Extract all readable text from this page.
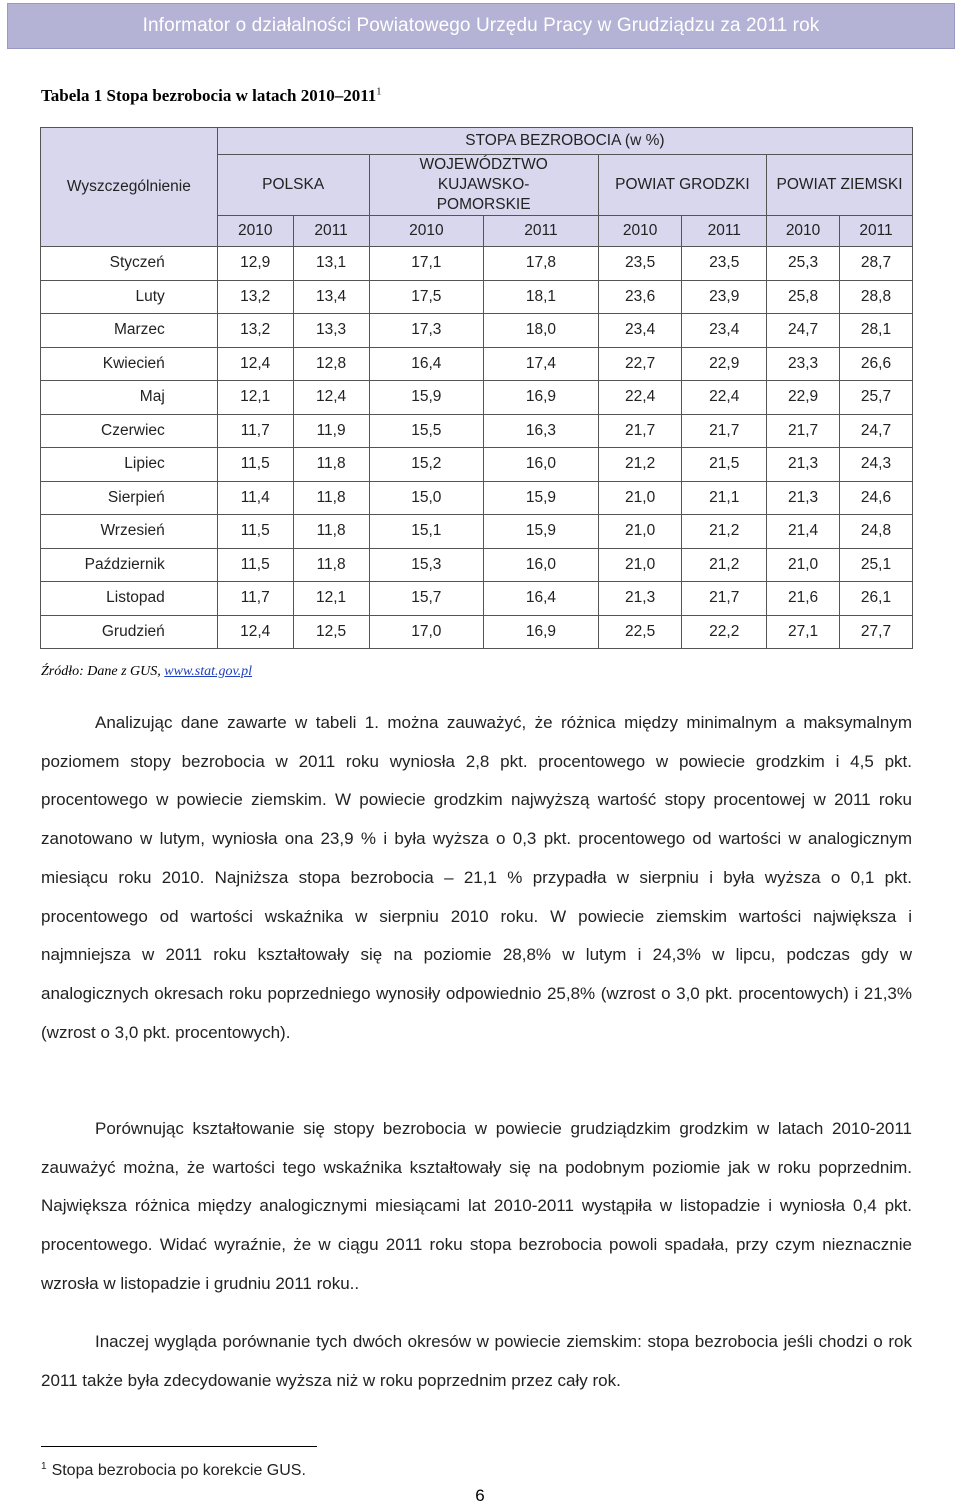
Informator o działalności Powiatowego Urzędu Pracy w Grudziądzu za 2011 rok
Tabela 1 Stopa bezrobocia w latach 2010–2011$^1$
Wyszczególnienie	STOPA BEZROBOCIA (w %)							
	POLSKA		WOJEWÓDZTWO KUJAWSKO-POMORSKIE		POWIAT GRODZKI		POWIAT ZIEMSKI	
	2010	2011	2010	2011	2010	2011	2010	2011
Styczeń	12,9	13,1	17,1	17,8	23,5	23,5	25,3	28,7
Luty	13,2	13,4	17,5	18,1	23,6	23,9	25,8	28,8
Marzec	13,2	13,3	17,3	18,0	23,4	23,4	24,7	28,1
Kwiecień	12,4	12,8	16,4	17,4	22,7	22,9	23,3	26,6
Maj	12,1	12,4	15,9	16,9	22,4	22,4	22,9	25,7
Czerwiec	11,7	11,9	15,5	16,3	21,7	21,7	21,7	24,7
Lipiec	11,5	11,8	15,2	16,0	21,2	21,5	21,3	24,3
Sierpień	11,4	11,8	15,0	15,9	21,0	21,1	21,3	24,6
Wrzesień	11,5	11,8	15,1	15,9	21,0	21,2	21,4	24,8
Październik	11,5	11,8	15,3	16,0	21,0	21,2	21,0	25,1
Listopad	11,7	12,1	15,7	16,4	21,3	21,7	21,6	26,1
Grudzień	12,4	12,5	17,0	16,9	22,5	22,2	27,1	27,7
Źródło: Dane z GUS, www.stat.gov.pl

Analizując dane zawarte w tabeli 1. można zauważyć, że różnica między minimalnym a maksymalnym poziomem stopy bezrobocia w 2011 roku wyniosła 2,8 pkt. procentowego w powiecie grodzkim i 4,5 pkt. procentowego w powiecie ziemskim. W powiecie grodzkim najwyższą wartość stopy procentowej w 2011 roku zanotowano w lutym, wyniosła ona 23,9 % i była wyższa o 0,3 pkt. procentowego od wartości w analogicznym miesiącu roku 2010. Najniższa stopa bezrobocia – 21,1 % przypadła w sierpniu i była wyższa o 0,1 pkt. procentowego od wartości wskaźnika w sierpniu 2010 roku. W powiecie ziemskim wartości największa i najmniejsza w 2011 roku kształtowały się na poziomie 28,8% w lutym i 24,3% w lipcu, podczas gdy w analogicznych okresach roku poprzedniego wynosiły odpowiednio 25,8% (wzrost o 3,0 pkt. procentowych) i 21,3% (wzrost o 3,0 pkt. procentowych).

Porównując kształtowanie się stopy bezrobocia w powiecie grudziądzkim grodzkim w latach 2010-2011 zauważyć można, że wartości tego wskaźnika kształtowały się na podobnym poziomie jak w roku poprzednim. Największa różnica między analogicznymi miesiącami lat 2010-2011 wystąpiła w listopadzie i wyniosła 0,4 pkt. procentowego. Widać wyraźnie, że w ciągu 2011 roku stopa bezrobocia powoli spadała, przy czym nieznacznie wzrosła w listopadzie i grudniu 2011 roku..

Inaczej wygląda porównanie tych dwóch okresów w powiecie ziemskim: stopa bezrobocia jeśli chodzi o rok 2011 także była zdecydowanie wyższa niż w roku poprzednim przez cały rok.

$^1$ Stopa bezrobocia po korekcie GUS.
6
